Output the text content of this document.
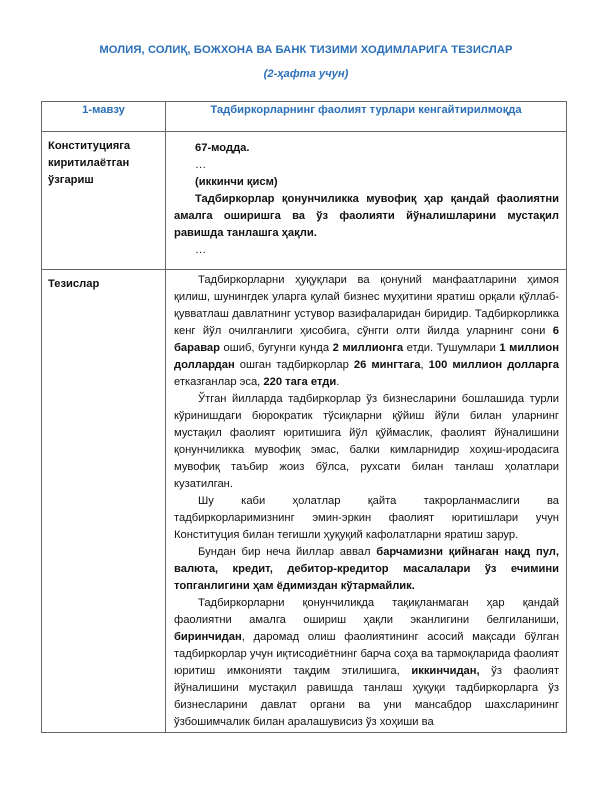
МОЛИЯ, СОЛИҚ, БОЖХОНА ВА БАНК ТИЗИМИ ХОДИМЛАРИГА ТЕЗИСЛАР
(2-ҳафта учун)
1-мавзу	Тадбиркорларнинг фаолият турлари кенгайтирилмоқда
Конституцияга киритилаётган ўзгариш	67-модда.

…

(иккинчи қисм)

Тадбиркорлар қонунчиликка мувофиқ ҳар қандай фаолиятни амалга оширишга ва ўз фаолияти йўналишларини мустақил равишда танлашга ҳақли.

…

Тезислар	Тадбиркорларни ҳуқуқлари ва қонуний манфаатларини ҳимоя қилиш, шунингдек уларга қулай бизнес муҳитини яратиш орқали қўллаб-қувватлаш давлатнинг устувор вазифаларидан биридир. Тадбиркорликка кенг йўл очилганлиги ҳисобига, сўнгги олти йилда уларнинг сони 6 баравар ошиб, бугунги кунда 2 миллионга етди. Тушумлари 1 миллион доллардан ошган тадбиркорлар 26 мингтага, 100 миллион долларга етказганлар эса, 220 тага етди.

Ўтган йилларда тадбиркорлар ўз бизнесларини бошлашида турли кўринишдаги бюрократик тўсиқларни қўйиш йўли билан уларнинг мустақил фаолият юритишига йўл қўймаслик, фаолият йўналишини қонунчиликка мувофиқ эмас, балки кимларнидир хоҳиш-иродасига мувофиқ таъбир жоиз бўлса, рухсати билан танлаш ҳолатлари кузатилган.

Шу каби ҳолатлар қайта такрорланмаслиги ва тадбиркорларимизнинг эмин-эркин фаолият юритишлари учун Конституция билан тегишли ҳуқуқий кафолатларни яратиш зарур.

Бундан бир неча йиллар аввал барчамизни қийнаган нақд пул, валюта, кредит, дебитор-кредитор масалалари ўз ечимини топганлигини ҳам ёдимиздан кўтармайлик.

Тадбиркорларни қонунчиликда тақиқланмаган ҳар қандай фаолиятни амалга ошириш ҳақли эканлигини белгиланиши, биринчидан, даромад олиш фаолиятининг асосий мақсади бўлган тадбиркорлар учун иқтисодиётнинг барча соҳа ва тармоқларида фаолият юритиш имконияти тақдим этилишига, иккинчидан, ўз фаолият йўналишини мустақил равишда танлаш ҳуқуқи тадбиркорларга ўз бизнесларини давлат органи ва уни мансабдор шахсларининг ўзбошимчалик билан аралашувисиз ўз хоҳиши ва
